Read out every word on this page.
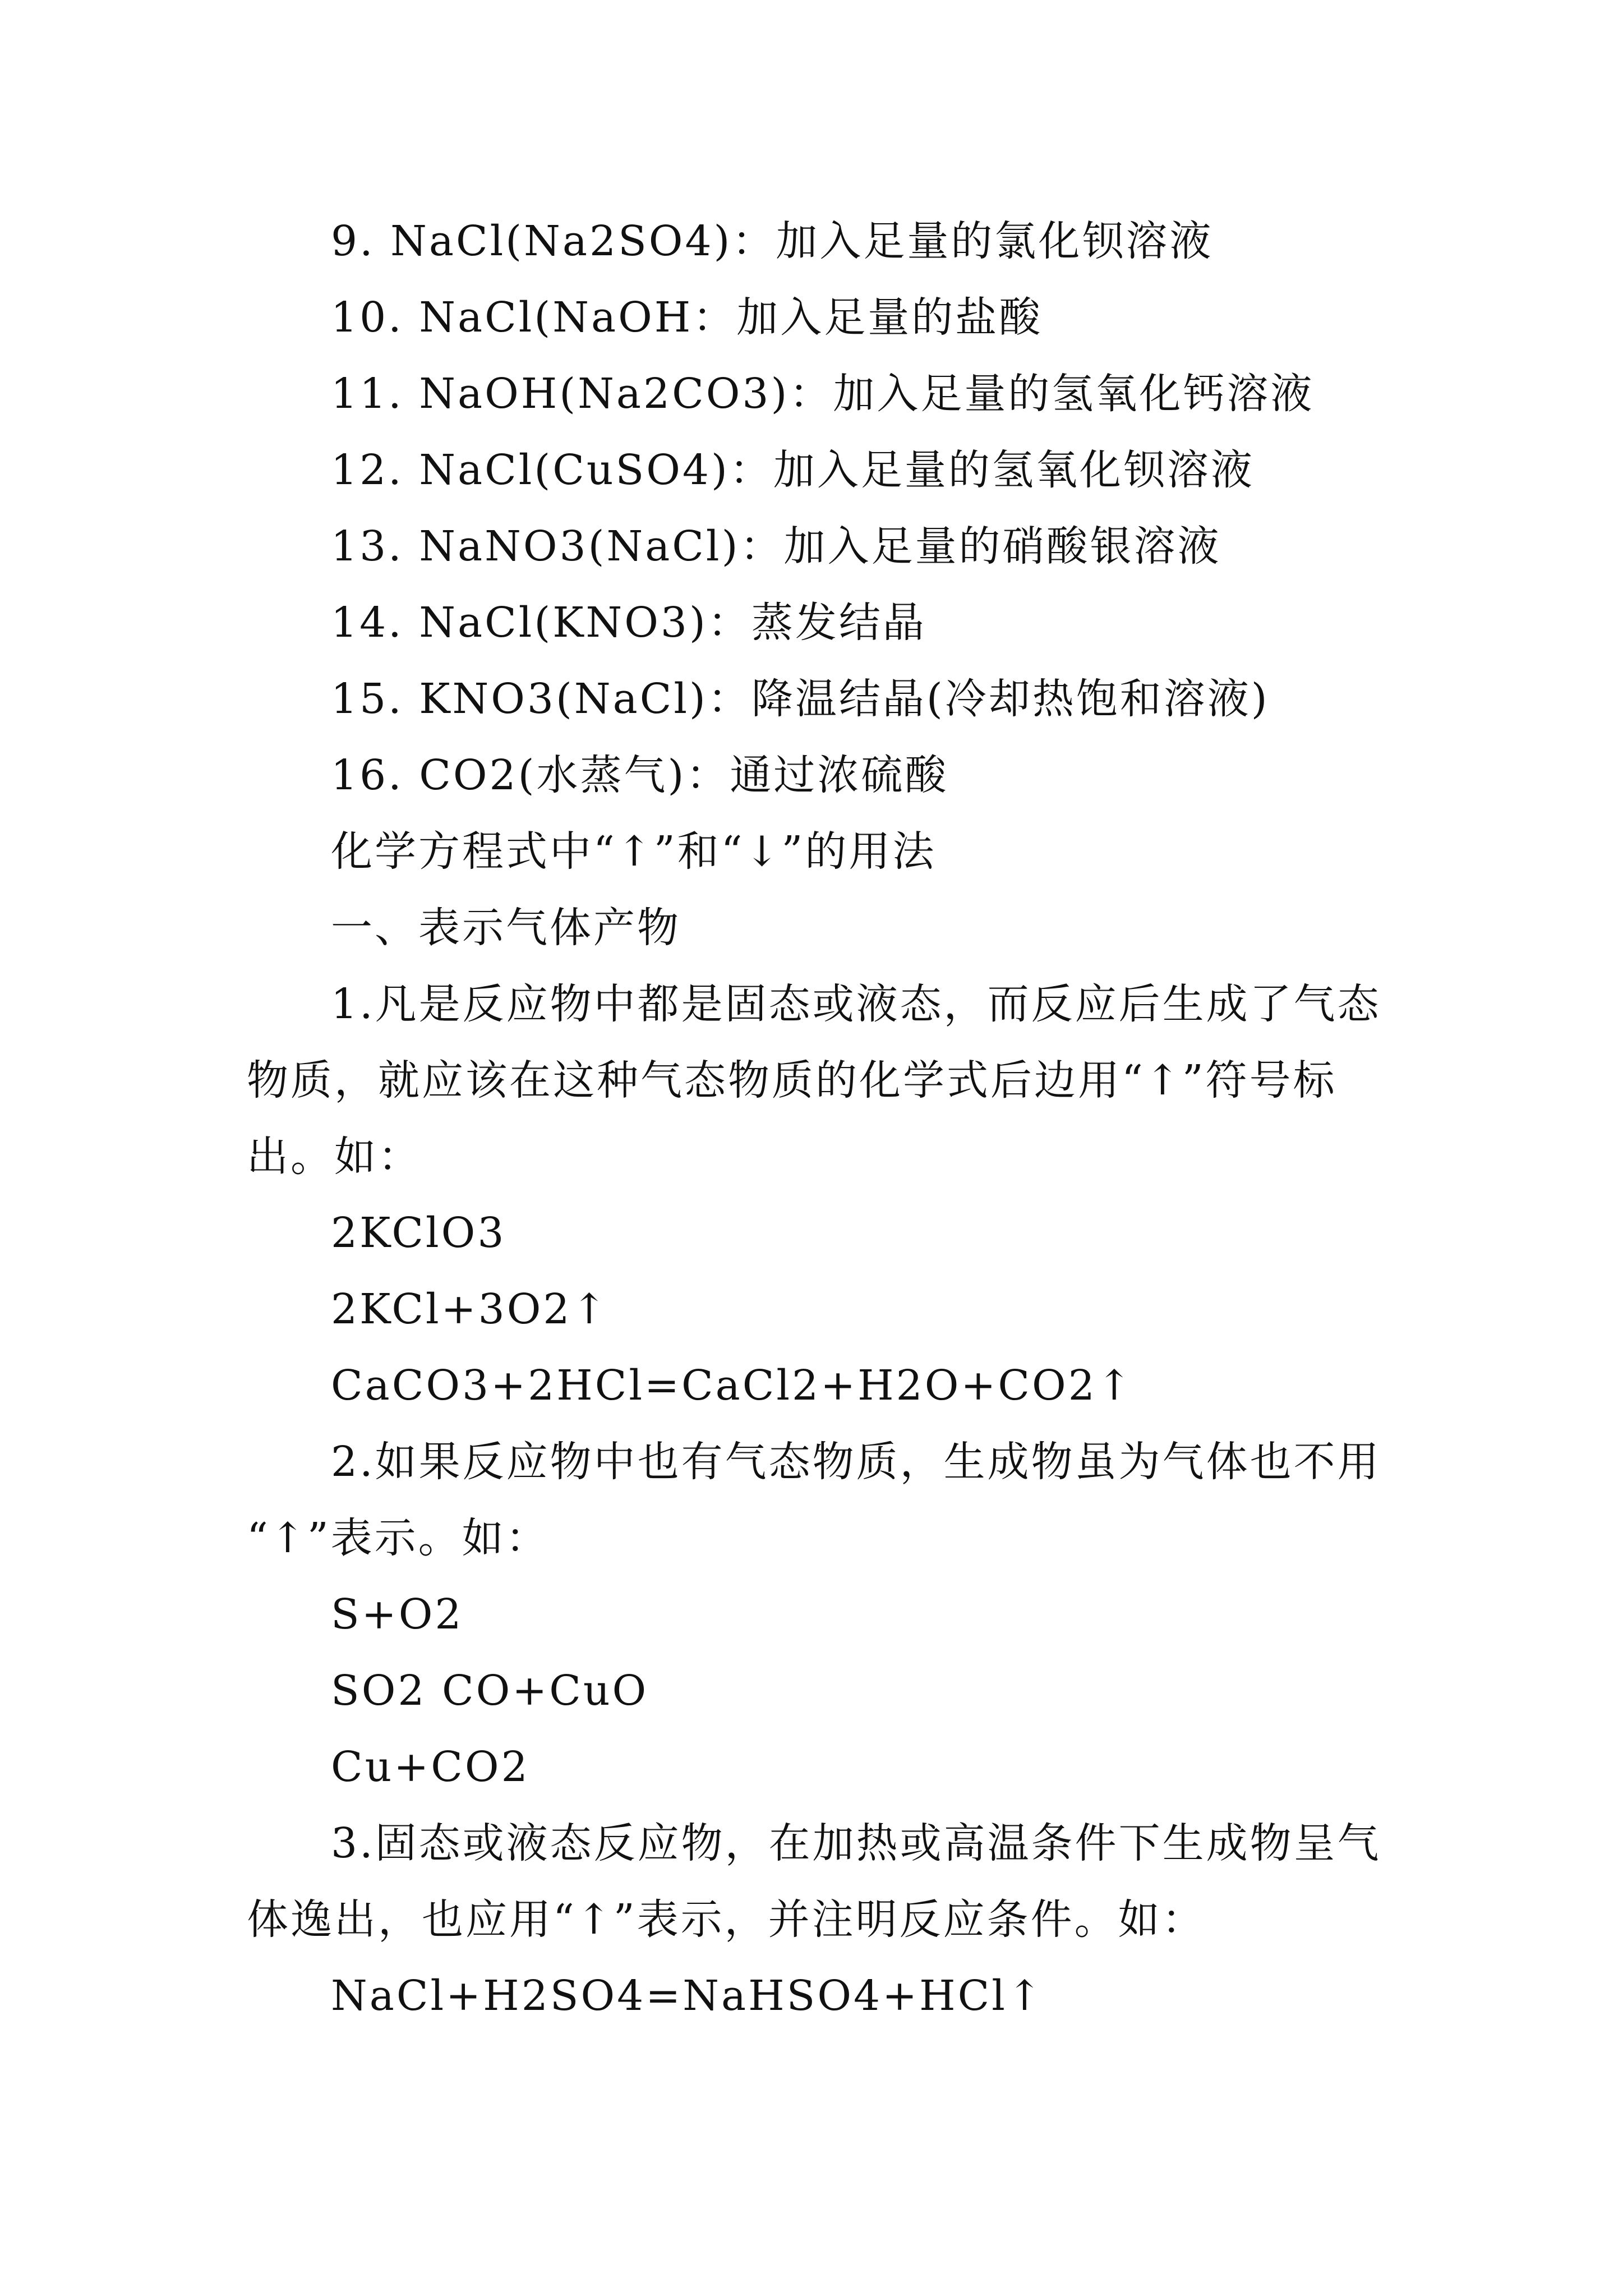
9. NaCl(Na2SO4)：加入足量的氯化钡溶液
10. NaCl(NaOH：加入足量的盐酸
11. NaOH(Na2CO3)：加入足量的氢氧化钙溶液
12. NaCl(CuSO4)：加入足量的氢氧化钡溶液
13. NaNO3(NaCl)：加入足量的硝酸银溶液
14. NaCl(KNO3)：蒸发结晶
15. KNO3(NaCl)：降温结晶(冷却热饱和溶液)
16. CO2(水蒸气)：通过浓硫酸
化学方程式中“↑”和“↓”的用法
一、表示气体产物
1.凡是反应物中都是固态或液态，而反应后生成了气态
物质，就应该在这种气态物质的化学式后边用“↑”符号标
出。如：
2KClO3
2KCl+3O2↑
CaCO3+2HCl=CaCl2+H2O+CO2↑
2.如果反应物中也有气态物质，生成物虽为气体也不用
“↑”表示。如：
S+O2
SO2 CO+CuO
Cu+CO2
3.固态或液态反应物，在加热或高温条件下生成物呈气
体逸出，也应用“↑”表示，并注明反应条件。如：
NaCl+H2SO4=NaHSO4+HCl↑
